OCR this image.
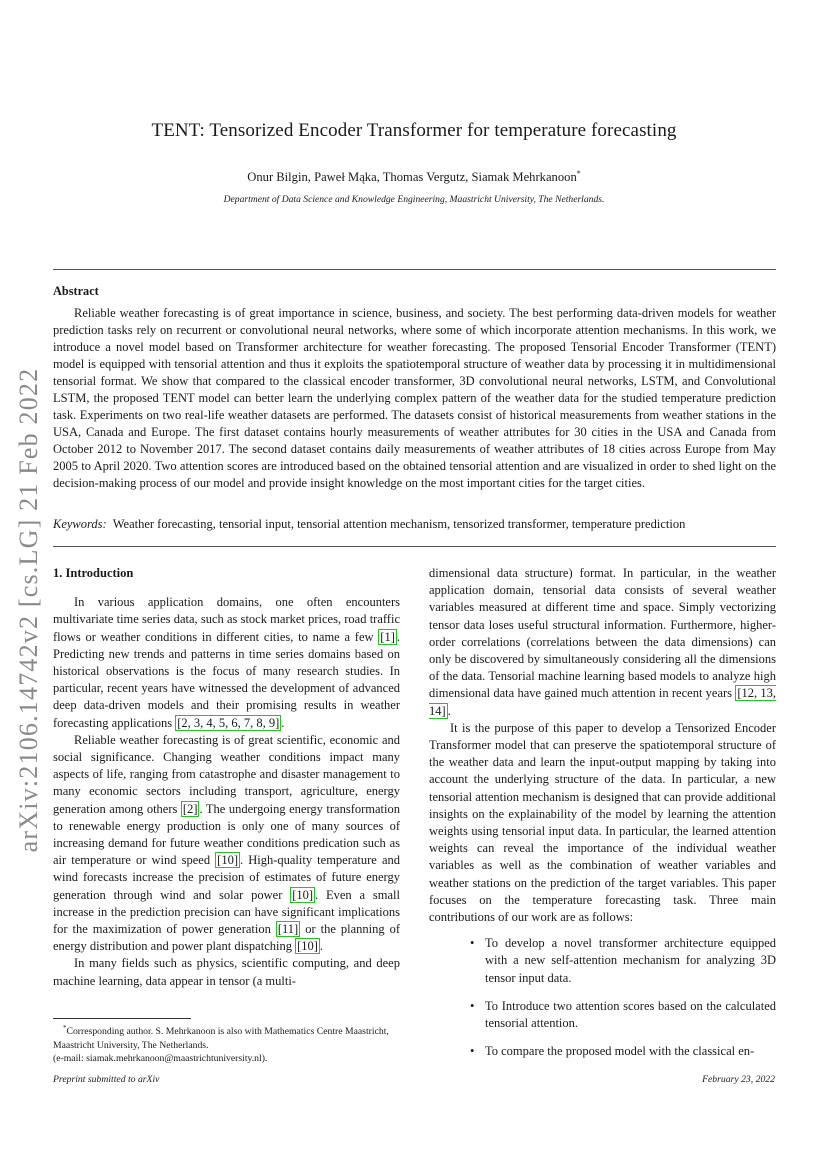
arXiv:2106.14742v2 [cs.LG] 21 Feb 2022
TENT: Tensorized Encoder Transformer for temperature forecasting
Onur Bilgin, Paweł Mąka, Thomas Vergutz, Siamak Mehrkanoon*
Department of Data Science and Knowledge Engineering, Maastricht University, The Netherlands.
Abstract

Reliable weather forecasting is of great importance in science, business, and society. The best performing data-driven models for weather prediction tasks rely on recurrent or convolutional neural networks, where some of which incorporate attention mechanisms. In this work, we introduce a novel model based on Transformer architecture for weather forecasting. The proposed Tensorial Encoder Transformer (TENT) model is equipped with tensorial attention and thus it exploits the spatiotemporal structure of weather data by processing it in multidimensional tensorial format. We show that compared to the classical encoder transformer, 3D convolutional neural networks, LSTM, and Convolutional LSTM, the proposed TENT model can better learn the underlying complex pattern of the weather data for the studied temperature prediction task. Experiments on two real-life weather datasets are performed. The datasets consist of historical measurements from weather stations in the USA, Canada and Europe. The first dataset contains hourly measurements of weather attributes for 30 cities in the USA and Canada from October 2012 to November 2017. The second dataset contains daily measurements of weather attributes of 18 cities across Europe from May 2005 to April 2020. Two attention scores are introduced based on the obtained tensorial attention and are visualized in order to shed light on the decision-making process of our model and provide insight knowledge on the most important cities for the target cities.

Keywords: Weather forecasting, tensorial input, tensorial attention mechanism, tensorized transformer, temperature prediction
1. Introduction

In various application domains, one often encounters multivariate time series data, such as stock market prices, road traffic flows or weather conditions in different cities, to name a few [1] . Predicting new trends and patterns in time series domains based on historical observations is the focus of many research studies. In particular, recent years have witnessed the development of advanced deep data-driven models and their promising results in weather forecasting applications [2, 3, 4, 5, 6, 7, 8, 9] .

Reliable weather forecasting is of great scientific, economic and social significance. Changing weather conditions impact many aspects of life, ranging from catastrophe and disaster management to many economic sectors including transport, agriculture, energy generation among others [2] . The undergoing energy transformation to renewable energy production is only one of many sources of increasing demand for future weather conditions predication such as air temperature or wind speed [10] . High-quality temperature and wind forecasts increase the precision of estimates of future energy generation through wind and solar power [10] . Even a small increase in the prediction precision can have significant implications for the maximization of power generation [11] or the planning of energy distribution and power plant dispatching [10] .

In many fields such as physics, scientific computing, and deep machine learning, data appear in tensor (a multi-

dimensional data structure) format. In particular, in the weather application domain, tensorial data consists of several weather variables measured at different time and space. Simply vectorizing tensor data loses useful structural information. Furthermore, higher-order correlations (correlations between the data dimensions) can only be discovered by simultaneously considering all the dimensions of the data. Tensorial machine learning based models to analyze high dimensional data have gained much attention in recent years [12, 13, 14] .

It is the purpose of this paper to develop a Tensorized Encoder Transformer model that can preserve the spatiotemporal structure of the weather data and learn the input-output mapping by taking into account the underlying structure of the data. In particular, a new tensorial attention mechanism is designed that can provide additional insights on the explainability of the model by learning the attention weights using tensorial input data. In particular, the learned attention weights can reveal the importance of the individual weather variables as well as the combination of weather variables and weather stations on the prediction of the target variables. This paper focuses on the temperature forecasting task. Three main contributions of our work are as follows:

• To develop a novel transformer architecture equipped with a new self-attention mechanism for analyzing 3D tensor input data.
• To Introduce two attention scores based on the calculated tensorial attention.
• To compare the proposed model with the classical en-
*Corresponding author. S. Mehrkanoon is also with Mathematics Centre Maastricht, Maastricht University, The Netherlands.
(e-mail: siamak.mehrkanoon@maastrichtuniversity.nl).
Preprint submitted to arXiv	February 23, 2022
